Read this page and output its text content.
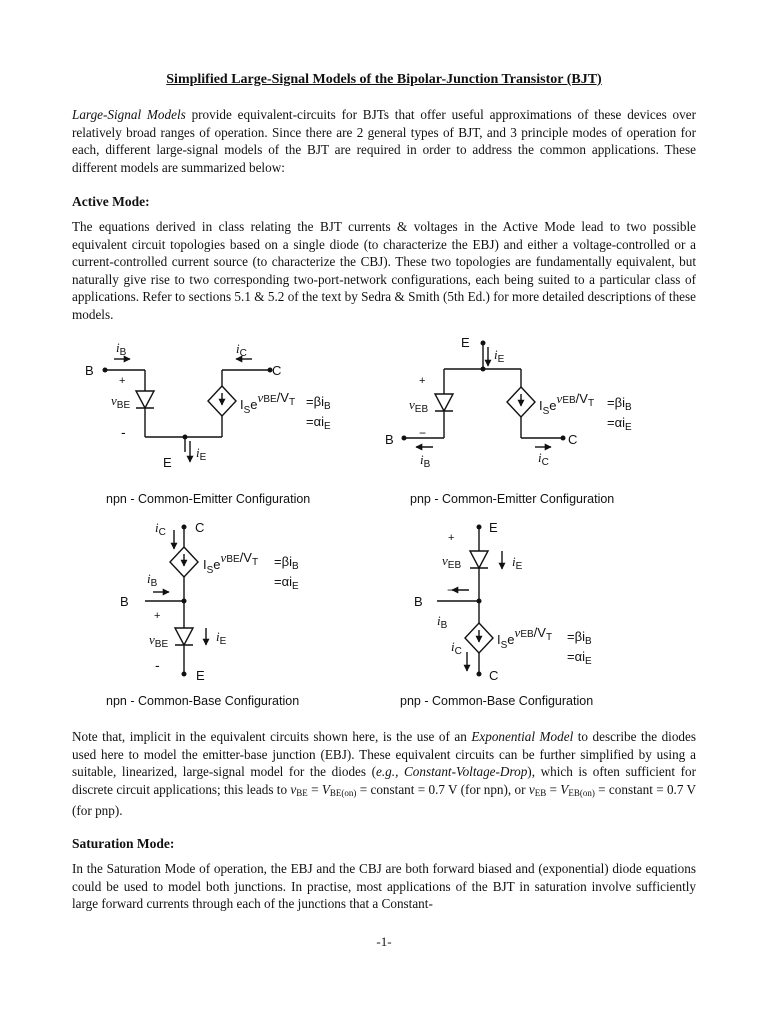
Simplified Large-Signal Models of the Bipolar-Junction Transistor (BJT)

Large-Signal Models provide equivalent-circuits for BJTs that offer useful approximations of these devices over relatively broad ranges of operation. Since there are 2 general types of BJT, and 3 principle modes of operation for each, different large-signal models of the BJT are required in order to address the common applications. These different models are summarized below:

Active Mode:

The equations derived in class relating the BJT currents & voltages in the Active Mode lead to two possible equivalent circuit topologies based on a single diode (to characterize the EBJ) and either a voltage-controlled or a current-controlled current source (to characterize the CBJ). These two topologies are fundamentally equivalent, but naturally give rise to two corresponding two-port-network configurations, each being suited to a particular class of applications. Refer to sections 5.1 & 5.2 of the text by Sedra & Smith (5th Ed.) for more detailed descriptions of these models.

B	C
E
$i_B$	$i_C$
$i_E$
+
-
$v_{BE}$	$I_SevBE/V_T =\beta i_B$
$=\alpha i_E$
E
B	C
$i_E$
$i_B$	$i_C$
+
−
$v_{EB}$	$I_SevEB/V_T =\beta i_B$
$=\alpha i_E$
C
B
E
$i_C$
$i_B$
$i_E$
+
-
$v_{BE}$
$I_SevBE/V_T =\beta i_B$
$=\alpha i_E$
E
B
C
$i_E$
$i_B$
$i_C$
+
−
$v_{EB}$
$I_SevEB/V_T =\beta i_B$
$=\alpha i_E$
npn - Common-Emitter Configuration	pnp - Common-Emitter Configuration
npn - Common-Base Configuration	pnp - Common-Base Configuration

Note that, implicit in the equivalent circuits shown here, is the use of an Exponential Model to describe the diodes used here to model the emitter-base junction (EBJ). These equivalent circuits can be further simplified by using a suitable, linearized, large-signal model for the diodes (e.g., Constant-Voltage-Drop), which is often sufficient for discrete circuit applications; this leads to $v_{BE} = V_{BE(on)}$ = constant = 0.7 V (for npn), or $v_{EB} = V_{EB(on)}$ = constant = 0.7 V (for pnp).

Saturation Mode:

In the Saturation Mode of operation, the EBJ and the CBJ are both forward biased and (exponential) diode equations could be used to model both junctions. In practise, most applications of the BJT in saturation involve sufficiently large forward currents through each of the junctions that a Constant-

-1-
